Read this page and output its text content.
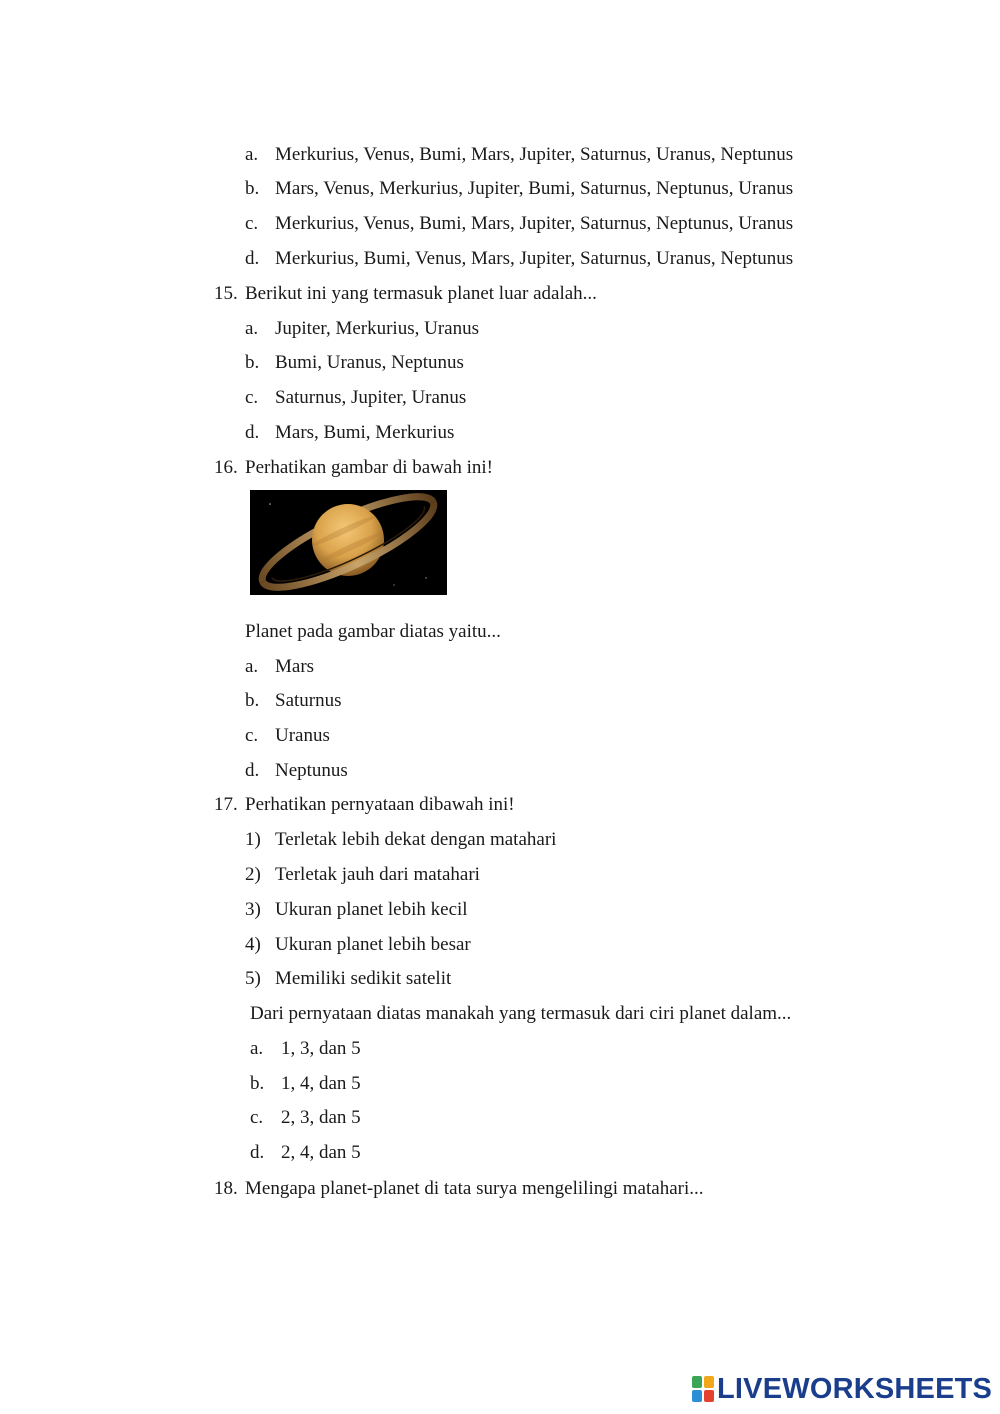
a. Merkurius, Venus, Bumi, Mars, Jupiter, Saturnus, Uranus, Neptunus
b. Mars, Venus, Merkurius, Jupiter, Bumi, Saturnus, Neptunus, Uranus
c. Merkurius, Venus, Bumi, Mars, Jupiter, Saturnus, Neptunus, Uranus
d. Merkurius, Bumi, Venus, Mars, Jupiter, Saturnus, Uranus, Neptunus
15. Berikut ini yang termasuk planet luar adalah...
a. Jupiter, Merkurius, Uranus
b. Bumi, Uranus, Neptunus
c. Saturnus, Jupiter, Uranus
d. Mars, Bumi, Merkurius
16. Perhatikan gambar di bawah ini!
Planet pada gambar diatas yaitu...
a. Mars
b. Saturnus
c. Uranus
d. Neptunus
17. Perhatikan pernyataan dibawah ini!
1) Terletak lebih dekat dengan matahari
2) Terletak jauh dari matahari
3) Ukuran planet lebih kecil
4) Ukuran planet lebih besar
5) Memiliki sedikit satelit
Dari pernyataan diatas manakah yang termasuk dari ciri planet dalam...
a. 1, 3, dan 5
b. 1, 4, dan 5
c. 2, 3, dan 5
d. 2, 4, dan 5
18. Mengapa planet-planet di tata surya mengelilingi matahari...
LIVEWORKSHEETS
